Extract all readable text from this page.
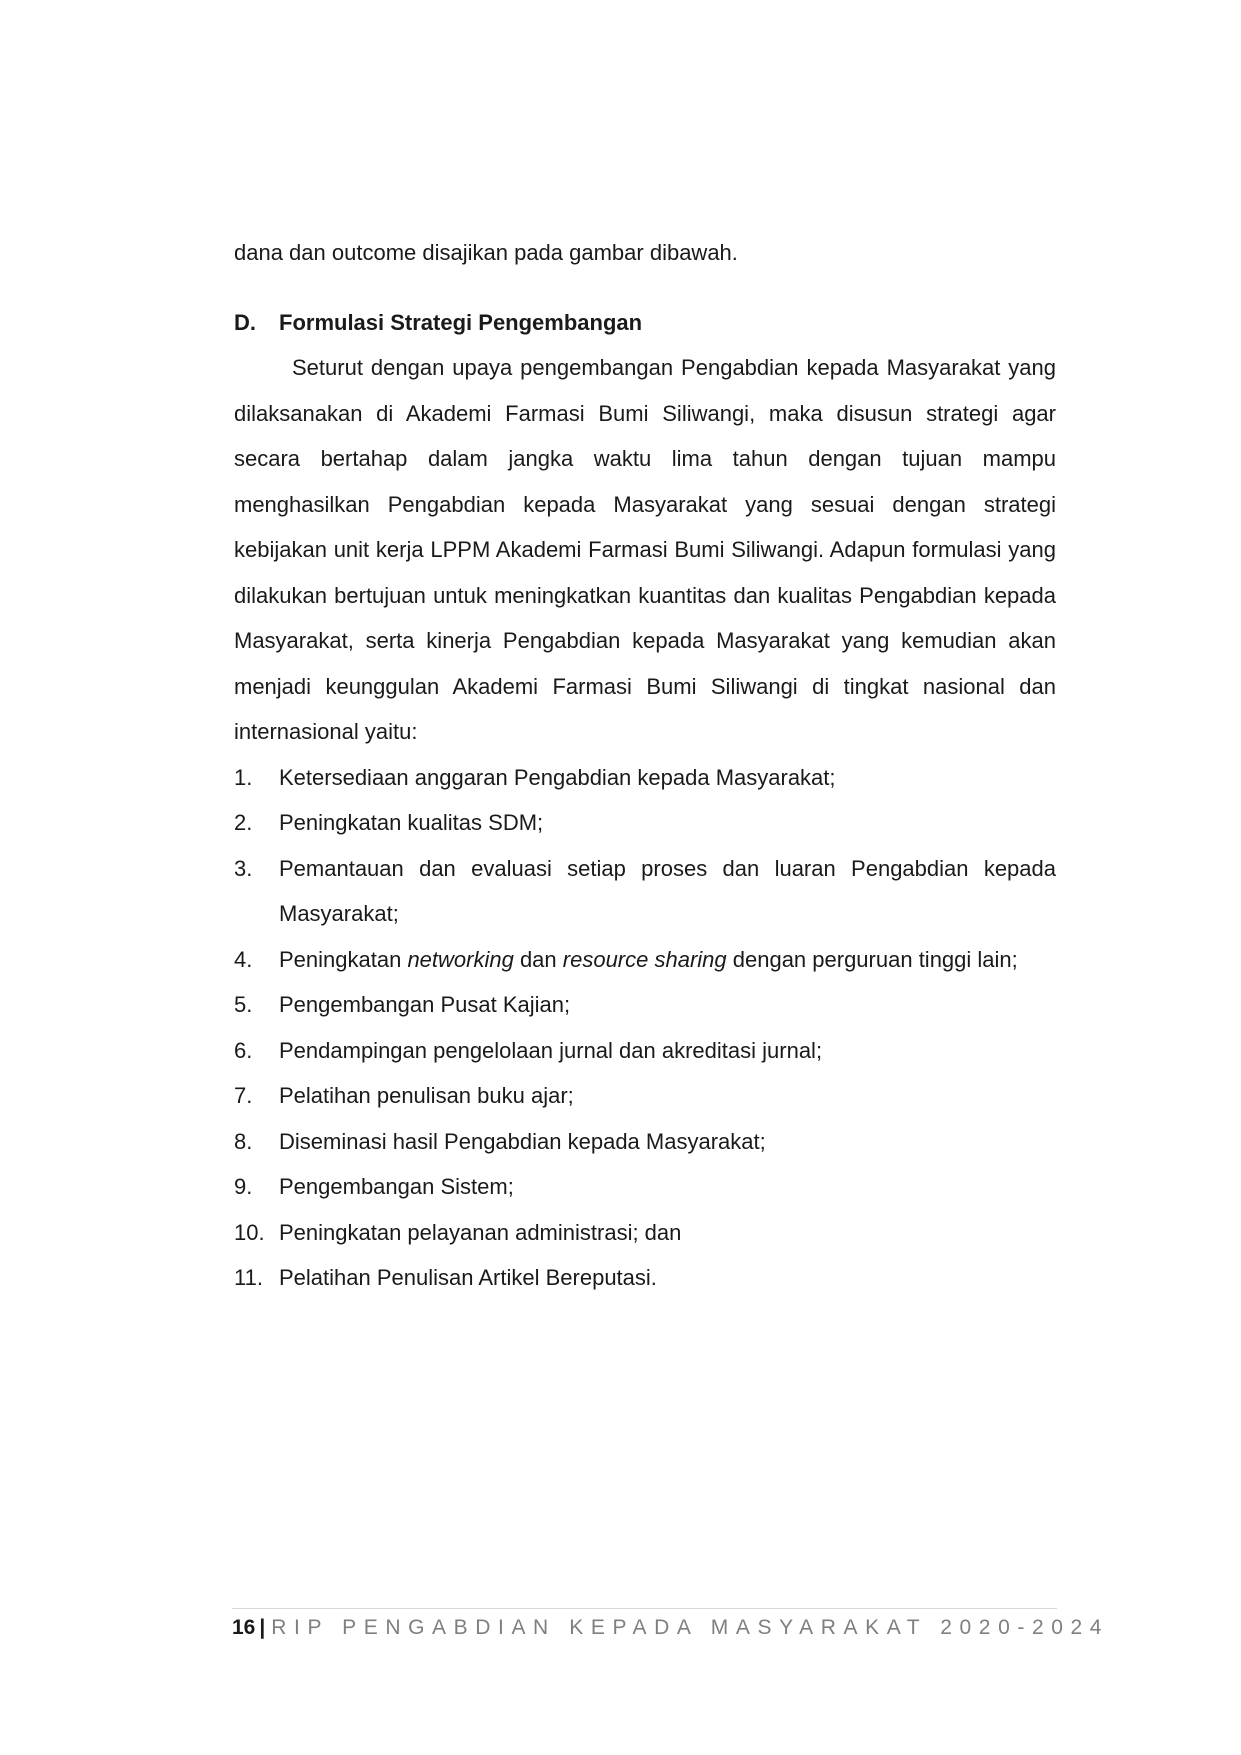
dana dan outcome disajikan pada gambar dibawah.

D.	Formulasi Strategi Pengembangan

Seturut dengan upaya pengembangan Pengabdian kepada Masyarakat yang dilaksanakan di Akademi Farmasi Bumi Siliwangi, maka disusun strategi agar secara bertahap dalam jangka waktu lima tahun dengan tujuan mampu menghasilkan Pengabdian kepada Masyarakat yang sesuai dengan strategi kebijakan unit kerja LPPM Akademi Farmasi Bumi Siliwangi. Adapun formulasi yang dilakukan bertujuan untuk meningkatkan kuantitas dan kualitas Pengabdian kepada Masyarakat, serta kinerja Pengabdian kepada Masyarakat yang kemudian akan menjadi keunggulan Akademi Farmasi Bumi Siliwangi di tingkat nasional dan internasional yaitu:

1.	Ketersediaan anggaran Pengabdian kepada Masyarakat;
2.	Peningkatan kualitas SDM;
3.	Pemantauan dan evaluasi setiap proses dan luaran Pengabdian kepada Masyarakat;
4.	Peningkatan networking dan resource sharing dengan perguruan tinggi lain;
5.	Pengembangan Pusat Kajian;
6.	Pendampingan pengelolaan jurnal dan akreditasi jurnal;
7.	Pelatihan penulisan buku ajar;
8.	Diseminasi hasil Pengabdian kepada Masyarakat;
9.	Pengembangan Sistem;
10. Peningkatan pelayanan administrasi; dan
11. Pelatihan Penulisan Artikel Bereputasi.
16 | RIP PENGABDIAN KEPADA MASYARAKAT 2020-2024
